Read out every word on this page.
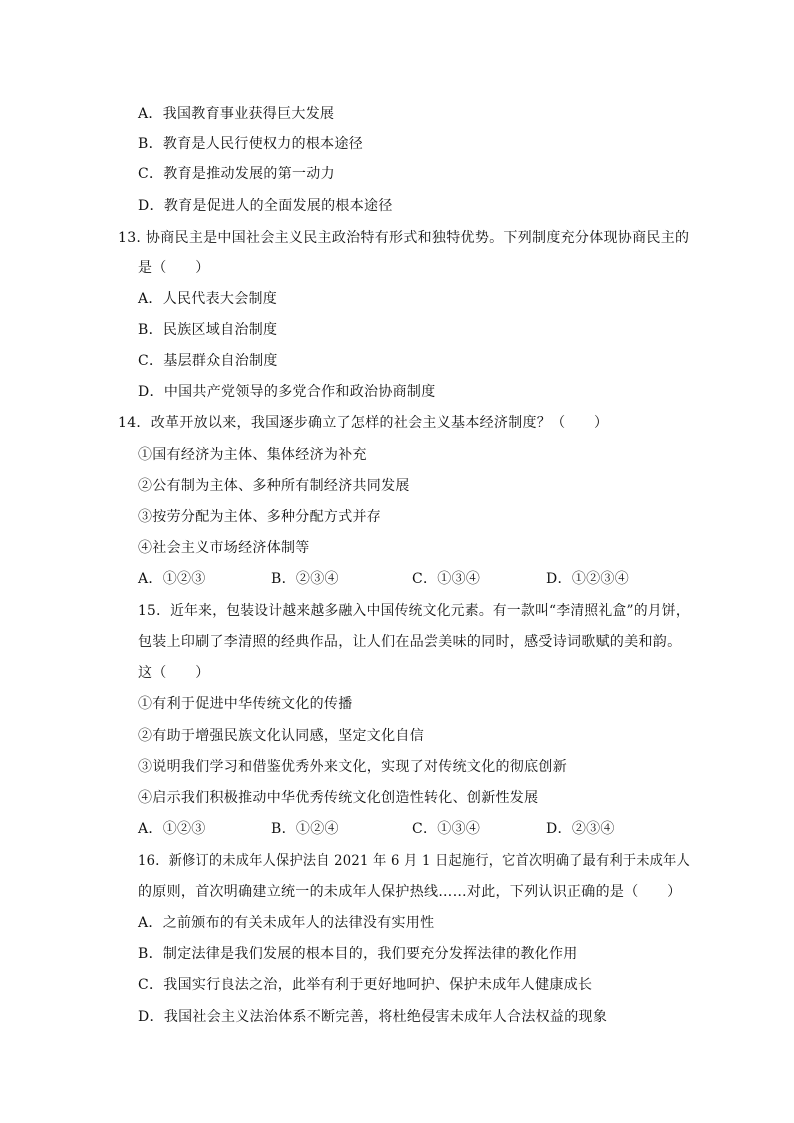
A．我国教育事业获得巨大发展
B．教育是人民行使权力的根本途径
C．教育是推动发展的第一动力
D．教育是促进人的全面发展的根本途径
13. 协商民主是中国社会主义民主政治特有形式和独特优势。下列制度充分体现协商民主的
是（　　）
A．人民代表大会制度
B．民族区域自治制度
C．基层群众自治制度
D．中国共产党领导的多党合作和政治协商制度
14．改革开放以来，我国逐步确立了怎样的社会主义基本经济制度？（　　）
①国有经济为主体、集体经济为补充
②公有制为主体、多种所有制经济共同发展
③按劳分配为主体、多种分配方式并存
④社会主义市场经济体制等
A．①②③	B．②③④	C．①③④	D．①②③④
15．近年来，包装设计越来越多融入中国传统文化元素。有一款叫“李清照礼盒”的月饼，
包装上印刷了李清照的经典作品，让人们在品尝美味的同时，感受诗词歌赋的美和韵。
这（　　）
①有利于促进中华传统文化的传播
②有助于增强民族文化认同感，坚定文化自信
③说明我们学习和借鉴优秀外来文化，实现了对传统文化的彻底创新
④启示我们积极推动中华优秀传统文化创造性转化、创新性发展
A．①②③	B．①②④	C．①③④	D．②③④
16．新修订的未成年人保护法自 2021 年 6 月 1 日起施行，它首次明确了最有利于未成年人
的原则，首次明确建立统一的未成年人保护热线……对此，下列认识正确的是（　　）
A．之前颁布的有关未成年人的法律没有实用性
B．制定法律是我们发展的根本目的，我们要充分发挥法律的教化作用
C．我国实行良法之治，此举有利于更好地呵护、保护未成年人健康成长
D．我国社会主义法治体系不断完善，将杜绝侵害未成年人合法权益的现象
